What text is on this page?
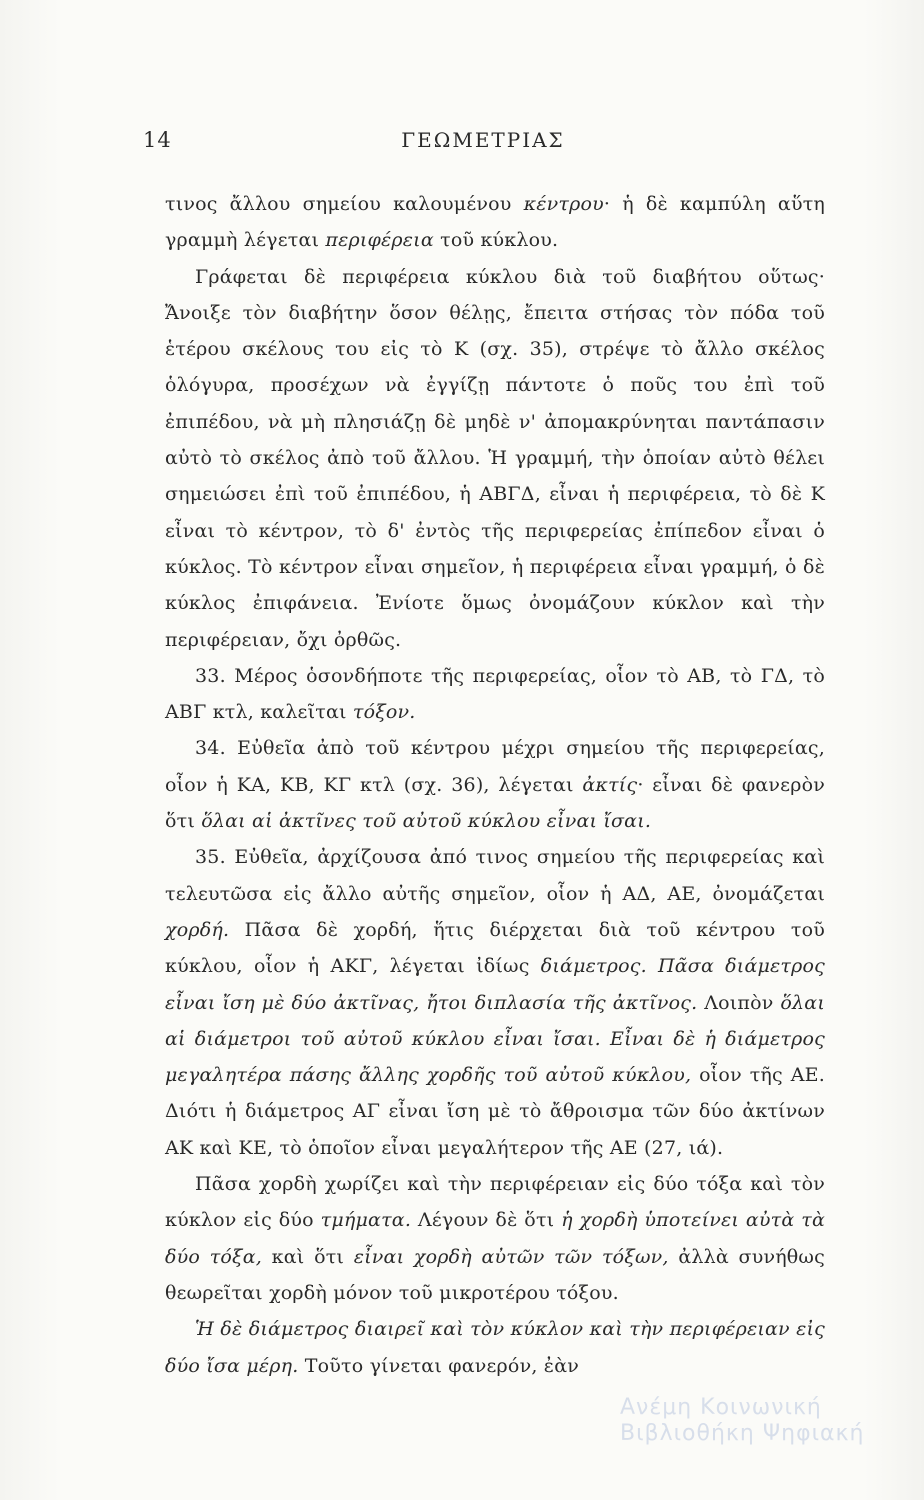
14	ΓΕΩΜΕΤΡΙΑΣ

τινος ἄλλου σημείου καλουμένου κέντρου· ἡ δὲ καμπύλη αὕτη γραμμὴ λέγεται περιφέρεια τοῦ κύκλου.

Γράφεται δὲ περιφέρεια κύκλου διὰ τοῦ διαβήτου οὕτως· Ἄνοιξε τὸν διαβήτην ὅσον θέλῃς, ἔπειτα στήσας τὸν πόδα τοῦ ἑτέρου σκέλους του εἰς τὸ Κ (σχ. 35), στρέψε τὸ ἄλλο σκέλος ὁλόγυρα, προσέχων νὰ ἐγγίζῃ πάντοτε ὁ ποῦς του ἐπὶ τοῦ ἐπιπέδου, νὰ μὴ πλησιάζῃ δὲ μηδὲ ν' ἀπομακρύνηται παντάπασιν αὐτὸ τὸ σκέλος ἀπὸ τοῦ ἄλλου. Ἡ γραμμή, τὴν ὁποίαν αὐτὸ θέλει σημειώσει ἐπὶ τοῦ ἐπιπέδου, ἡ ΑΒΓΔ, εἶναι ἡ περιφέρεια, τὸ δὲ Κ εἶναι τὸ κέντρον, τὸ δ' ἐντὸς τῆς περιφερείας ἐπίπεδον εἶναι ὁ κύκλος. Τὸ κέντρον εἶναι σημεῖον, ἡ περιφέρεια εἶναι γραμμή, ὁ δὲ κύκλος ἐπιφάνεια. Ἐνίοτε ὅμως ὀνομάζουν κύκλον καὶ τὴν περιφέρειαν, ὄχι ὀρθῶς.

33. Μέρος ὁσονδήποτε τῆς περιφερείας, οἷον τὸ ΑΒ, τὸ ΓΔ, τὸ ΑΒΓ κτλ, καλεῖται τόξον.

34. Εὐθεῖα ἀπὸ τοῦ κέντρου μέχρι σημείου τῆς περιφερείας, οἷον ἡ ΚΑ, ΚΒ, ΚΓ κτλ (σχ. 36), λέγεται ἀκτίς· εἶναι δὲ φανερὸν ὅτι ὅλαι αἱ ἀκτῖνες τοῦ αὐτοῦ κύκλου εἶναι ἴσαι.

35. Εὐθεῖα, ἀρχίζουσα ἀπό τινος σημείου τῆς περιφερείας καὶ τελευτῶσα εἰς ἄλλο αὐτῆς σημεῖον, οἷον ἡ ΑΔ, ΑΕ, ὀνομάζεται χορδή. Πᾶσα δὲ χορδή, ἥτις διέρχεται διὰ τοῦ κέντρου τοῦ κύκλου, οἷον ἡ ΑΚΓ, λέγεται ἰδίως διάμετρος. Πᾶσα διάμετρος εἶναι ἴση μὲ δύο ἀκτῖνας, ἤτοι διπλασία τῆς ἀκτῖνος. Λοιπὸν ὅλαι αἱ διάμετροι τοῦ αὐτοῦ κύκλου εἶναι ἴσαι. Εἶναι δὲ ἡ διάμετρος μεγαλητέρα πάσης ἄλλης χορδῆς τοῦ αὐτοῦ κύκλου, οἷον τῆς ΑΕ. Διότι ἡ διάμετρος ΑΓ εἶναι ἴση μὲ τὸ ἄθροισμα τῶν δύο ἀκτίνων ΑΚ καὶ ΚΕ, τὸ ὁποῖον εἶναι μεγαλήτερον τῆς ΑΕ (27, ιά).

Πᾶσα χορδὴ χωρίζει καὶ τὴν περιφέρειαν εἰς δύο τόξα καὶ τὸν κύκλον εἰς δύο τμήματα. Λέγουν δὲ ὅτι ἡ χορδὴ ὑποτείνει αὐτὰ τὰ δύο τόξα, καὶ ὅτι εἶναι χορδὴ αὐτῶν τῶν τόξων, ἀλλὰ συνήθως θεωρεῖται χορδὴ μόνον τοῦ μικροτέρου τόξου.

Ἡ δὲ διάμετρος διαιρεῖ καὶ τὸν κύκλον καὶ τὴν περιφέρειαν εἰς δύο ἴσα μέρη. Τοῦτο γίνεται φανερόν, ἐὰν

Ανέμη Κοινωνική Βιβλιοθήκη Ψηφιακή
